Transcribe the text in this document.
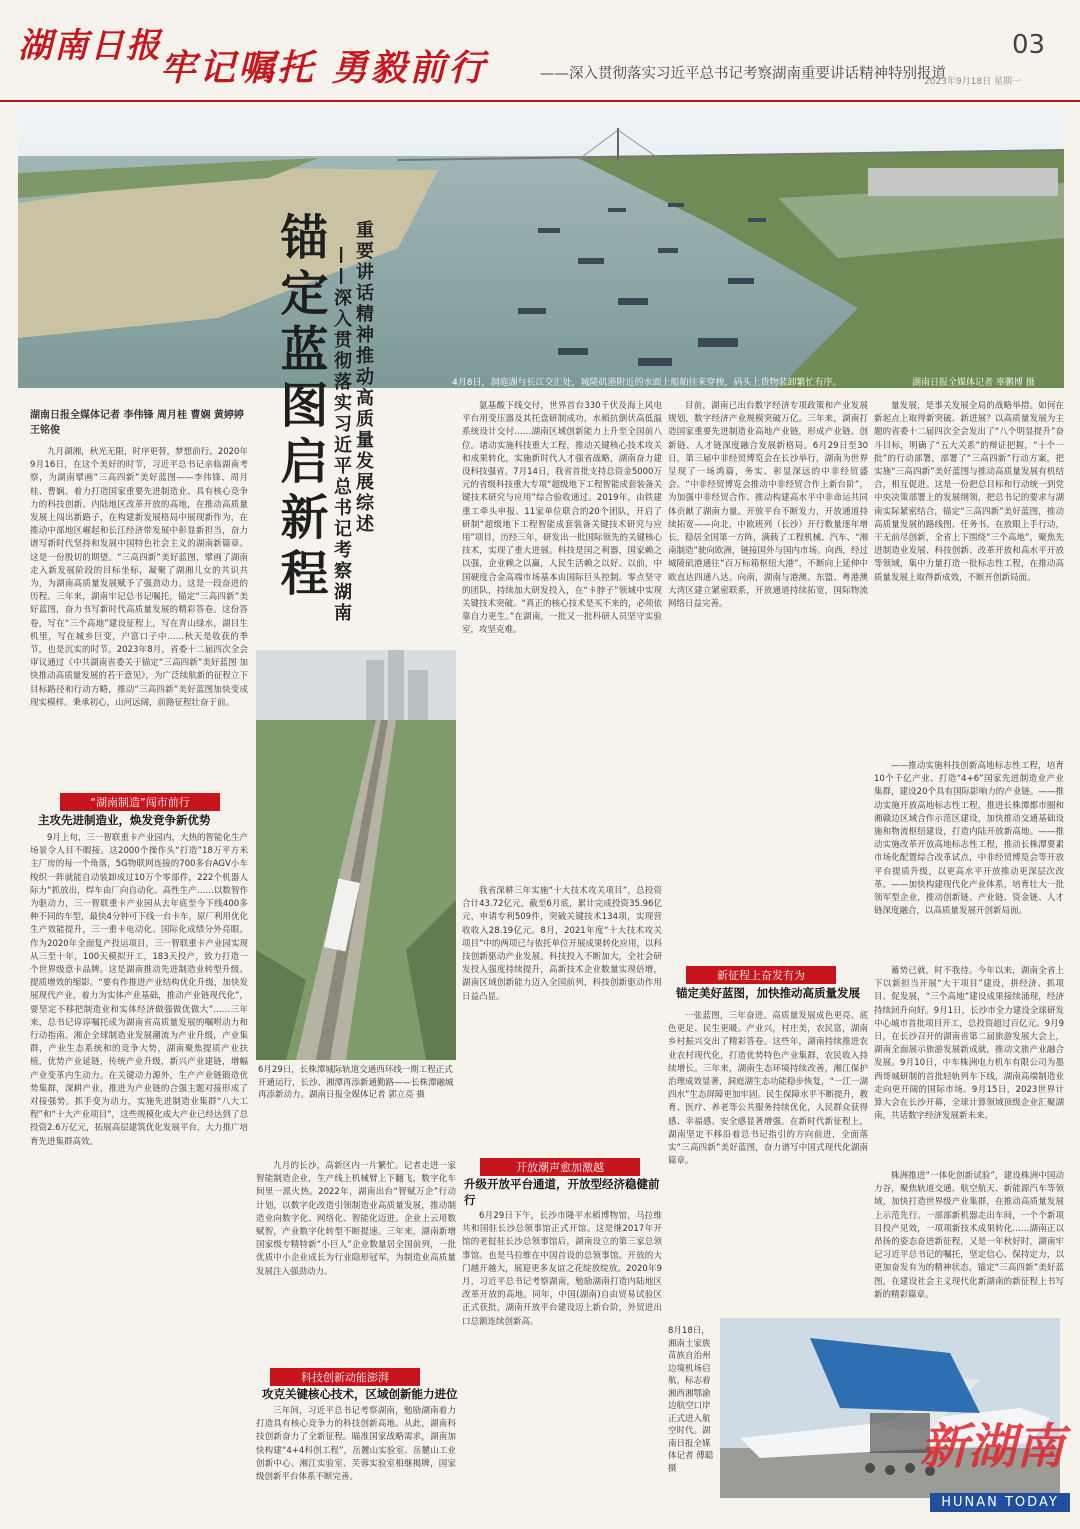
湖南日报
牢记嘱托 勇毅前行	——深入贯彻落实习近平总书记考察湖南重要讲话精神特别报道
03
2023年9月18日 星期一
4月8日，洞庭湖与长江交汇处，城陵矶港附近的水面上船舶往来穿梭，码头上货物装卸繁忙有序。	湖南日报全媒体记者 辜鹏博 摄
锚定蓝图启新程 重要讲话精神推动高质量发展综述
——深入贯彻落实习近平总书记考察湖南
湖南日报全媒体记者 李伟锋 周月桂 曹娴 黄婷婷 王铭俊

九月湖湘，秋光无限，时序更替，梦想前行。2020年9月16日，在这个美好的时节，习近平总书记亲临湖南考察，为湖南擘画“三高四新”美好蓝图——李伟锋、周月桂、曹娴。着力打造国家重要先进制造业、具有核心竞争力的科技创新、内陆地区改革开放的高地，在推动高质量发展上闯出新路子，在构建新发展格局中展现新作为，在推动中部地区崛起和长江经济带发展中彰显新担当，奋力谱写新时代坚持和发展中国特色社会主义的湖南新篇章。这是一份殷切的期望。“三高四新”美好蓝图，擘画了湖南走入新发展阶段的目标坐标，凝聚了湖湘儿女的共识共为，为湖南高质量发展赋予了强劲动力。这是一段奋进的历程。三年来，湖南牢记总书记嘱托，锚定“三高四新”美好蓝图，奋力书写新时代高质量发展的精彩答卷。这份答卷，写在“三个高地”建设征程上，写在青山绿水，湖目生机里，写在城乡巨变，户富口子中……秋天是收获的季节，也是沉实的时节。2023年8月，省委十二届四次全会审议通过《中共湖南省委关于锚定“三高四新”美好蓝图 加快推动高质量发展的若干意见》，为广泛续航新的征程立下目标路径和行动方略，推动“三高四新”美好蓝图加快变成现实模样。秉承初心，山河远阔，前路征程壮奋于前。

“湖南制造”闯市前行
主攻先进制造业，焕发竞争新优势

9月上旬，三一智联重卡产业园内，大热的智能化生产场景令人目不暇接。这2000个操作头“打造”18万平方米主厂房的每一个角落，5G物联网连接的700多台AGV小车梭织一阵就能自动装卸成过10万个零部件，222个机器人际力“抓放出，焊车由厂向自动化、高性生产……以数智作为驱动力，三一智联重卡产业园从去年底至今下线400多种不同的车型，最快4分钟可下线一台卡车，原厂利用优化生产效能提升，三一重卡电动化、国际化成绩分外亮眼。作为2020年全面复产投运项目，三一智联重卡产业园实现从三至十年，100天模拟开工，183天投产，致力打造一个世界级意卡品牌。这是湖南推动先进制造业转型升级、提质增效的缩影。“要有作推进产业结构优化升级，加快发展现代产业，着力为实体产业基础，推动产业链现代化”，要坚定不移把制造业和实体经济做强做优做大”……三年来，总书记谆谆嘱托成为湖南省高质量发展的嘱咐动力和行动指南。湘企全球制造业发展潮流为产业升级，产业集群，产业生态系统和的竞争大势，湖南聚焦提质产业扶植，优势产业延链，传统产业升级，新兴产业建链，增幅产业变革内生动力。在关键动力源外，生产产业链锻造优势集群，深耕产业，推进为产业链的合强主题对接形成了对接强势。抓手变为动力，实施先进制造业集群“八大工程”和“十大产业项目”，这些规模化成大产业已经达到了总投资2.6万亿元，拓展高层建筑优化发展平台，大力推广培育先进集群高效。

6月29日，长株潭城际轨道交通西环线一期工程正式开通运行，长沙、湘潭再添新通勤路——长株潭融城再添新动力。湖南日报全媒体记者 郭立亮 摄

九月的长沙，高新区内一片繁忙。记者走进一家智能制造企业，生产线上机械臂上下翻飞，数字化车间里一派火热。2022年，湖南出台“智赋万企”行动计划，以数字化改造引领制造业高质量发展，推动制造业向数字化、网络化、智能化迈进。企业上云用数赋智，产业数字化转型不断提速。三年来，湖南新增国家级专精特新“小巨人”企业数量居全国前列，一批优质中小企业成长为行业隐形冠军，为制造业高质量发展注入强劲动力。

科技创新动能澎湃
攻克关键核心技术，区域创新能力进位

三年间，习近平总书记考察湖南，勉励湖南着力打造具有核心竞争力的科技创新高地。从此，湖南科技创新奋力了全新征程。瞄准国家战略需求，湖南加快构建“4+4科创工程”，岳麓山实验室、岳麓山工业创新中心、湘江实验室、芙蓉实验室相继揭牌，国家级创新平台体系不断完善。

氨基酸下线交付，世界首台330千伏及海上风电平台用变压器及其托盘研制成功，水稻抗倒伏高低温系统设计交付……湖南区域创新能力上升至全国前八位。诸动实施科技重大工程，推动关键核心技术攻关和成果转化，实施新时代人才强省战略，湖南奋力建设科技强省。7月14日，我省首批支持总资金5000万元的省级科技重大专项“超级地下工程智能成套装备关键技术研究与应用”综合验收通过。2019年，由铁建重工牵头申报、11家单位联合的20个团队，开启了研制“超级地下工程智能成套装备关键技术研究与应用”项目，历经三年，研发出一批国际领先的关键核心技术，实现了重大进展。科技是国之利器，国家赖之以强，企业赖之以赢，人民生活赖之以好。以前，中国硬度合金高端市场基本由国际巨头控制。零点坚守的团队，持续加大研发投入，在“卡脖子”领域中实现关键技术突破。“真正的核心技术是买不来的，必须依靠自力更生。”在湖南，一批又一批科研人员坚守实验室，攻坚克难。

我省深耕三年实施“十大技术攻关项目”，总投资合计43.72亿元，截至6月底，累计完成投资35.96亿元，申请专利509件，突破关键技术134项，实现营收收入28.19亿元。8月，2021年度“十大技术攻关项目”中的两项已与依托单位开展成果转化应用，以科技创新驱动产业发展。科技投入不断加大，全社会研发投入强度持续提升，高新技术企业数量实现倍增，湖南区域创新能力迈入全国前列，科技创新驱动作用日益凸显。

开放潮声愈加激越
升级开放平台通道，开放型经济稳健前行

6月29日下午，长沙市隆平水稻博物馆，马拉维共和国驻长沙总领事馆正式开馆。这是继2017年开馆的老挝驻长沙总领事馆后，湖南设立的第三家总领事馆。也是马拉维在中国首设的总领事馆。开放的大门越开越大，展迎更多友谊之花绽放绽放。2020年9月，习近平总书记考察湖南，勉励湖南打造内陆地区改革开放的高地。同年，中国(湖南)自由贸易试验区正式获批，湖南开放平台建设迈上新台阶，外贸进出口总额连续创新高。

目前，湖南已出台数字经济专项政策和产业发展规划，数字经济产业规模突破万亿。三年来，湖南打造国家重要先进制造业高地产业链，形成产业链、创新链、人才链深度融合发展新格局。6月29日至30日，第三届中非经贸博览会在长沙举行，湖南为世界呈现了一场鸿篇，务实、彰显深远的中非经贸盛会。“中非经贸博览会推动中非经贸合作上新台阶”，为加强中非经贸合作、推动构建高水平中非命运共同体贡献了湖南力量。开放平台不断发力，开放通道持续拓宽——向北，中欧班列（长沙）开行数量逐年增长，稳居全国第一方阵，满载了工程机械、汽车、“湘南制造”驶向欧洲，链接国外与国内市场。向西，经过城陵矶港通往“百万标箱枢纽大港”，不断向上延伸中欧直达四通八达。向南，湖南与港澳、东盟、粤港澳大湾区建立紧密联系，开放通道持续拓宽，国际物流网络日益完善。

新征程上奋发有为
锚定美好蓝图，加快推动高质量发展

一张蓝图，三年奋进。高质量发展成色更亮、底色更足、民生更暖。产业兴，村庄美，农民富，湖南乡村振兴交出了精彩答卷。这些年，湖南持续推进农业农村现代化，打造优势特色产业集群，农民收入持续增长。三年来，湖南生态环境持续改善，湘江保护治理成效显著，洞庭湖生态功能稳步恢复，“一江一湖四水”生态屏障更加牢固。民生保障水平不断提升，教育、医疗、养老等公共服务持续优化，人民群众获得感、幸福感、安全感显著增强。在新时代新征程上，湖南坚定不移沿着总书记指引的方向前进，全面落实“三高四新”美好蓝图，奋力谱写中国式现代化湖南篇章。

8月18日，湘南土家族苗族自治州边境机场启航，标志着湘西湘鄂渝边航空口岸正式进入航空时代。湖南日报全媒体记者 傅聪 摄

量发展，是事关发展全局的战略举措。如何在新起点上取得新突破、新进展？以高质量发展为主题的省委十二届四次全会发出了“八个明显提升”奋斗目标，明确了“五大关系”的辩证把握，“十个一批”的行动部署，部署了“三高四新”行动方案，把实施“三高四新”美好蓝图与推动高质量发展有机结合，相互促进。这是一份把总目标和行动统一到党中央决策部署上的发展纲领，把总书记的要求与湖南实际紧密结合，锚定“三高四新”美好蓝图，推动高质量发展的路线图、任务书。在放眼上手行动，干无前尽创新，全省上下围绕“三个高地”，聚焦先进制造业发展、科技创新、改革开放和高水平开放等领域，集中力量打造一批标志性工程，在推动高质量发展上取得新成效，不断开创新局面。

——推动实施科技创新高地标志性工程，培育10个千亿产业、打造“4+6”国家先进制造业产业集群，建设20个具有国际影响力的产业链。——推动实施开放高地标志性工程，推进长株潭都市圈和湘赣边区域合作示范区建设，加快推动交通基础设施和物流枢纽建设，打造内陆开放新高地。——推动实施改革开放高地标志性工程，推动长株潭要素市场化配置综合改革试点，中非经贸博览会等开放平台提质升级，以更高水平开放推动更深层次改革。——加快构建现代化产业体系，培育壮大一批领军型企业，推动创新链、产业链、资金链、人才链深度融合，以高质量发展开创新局面。

蓄势已就，时不我待。今年以来，湖南全省上下以新担当开展“大干项目”建设，拼经济、抓项目、促发展，“三个高地”建设成果接续涌现，经济持续回升向好。9月1日，长沙市全力建设全球研发中心城市首批项目开工，总投资超过百亿元。9月9日，在长沙召开的湖南省第二届旅游发展大会上，湖南全面展示旅游发展新成就，推动文旅产业融合发展。9月10日，中车株洲电力机车有限公司为墨西哥城研制的首批轻轨列车下线，湖南高端制造业走向更开阔的国际市场。9月15日，2023世界计算大会在长沙开幕，全球计算领域顶级企业汇聚湖南，共话数字经济发展新未来。

株洲推进“一体化创新试验”，建设株洲中国动力谷，聚焦轨道交通、航空航天、新能源汽车等领域，加快打造世界级产业集群，在推动高质量发展上示范先行。一部部新机器走出车间，一个个新项目投产见效，一项项新技术成果转化……湖南正以昂扬的姿态奋进新征程，又是一年秋好时，湖南牢记习近平总书记的嘱托，坚定信心、保持定力，以更加奋发有为的精神状态，锚定“三高四新”美好蓝图，在建设社会主义现代化新湖南的新征程上书写新的精彩篇章。

新湖南
HUNAN TODAY
